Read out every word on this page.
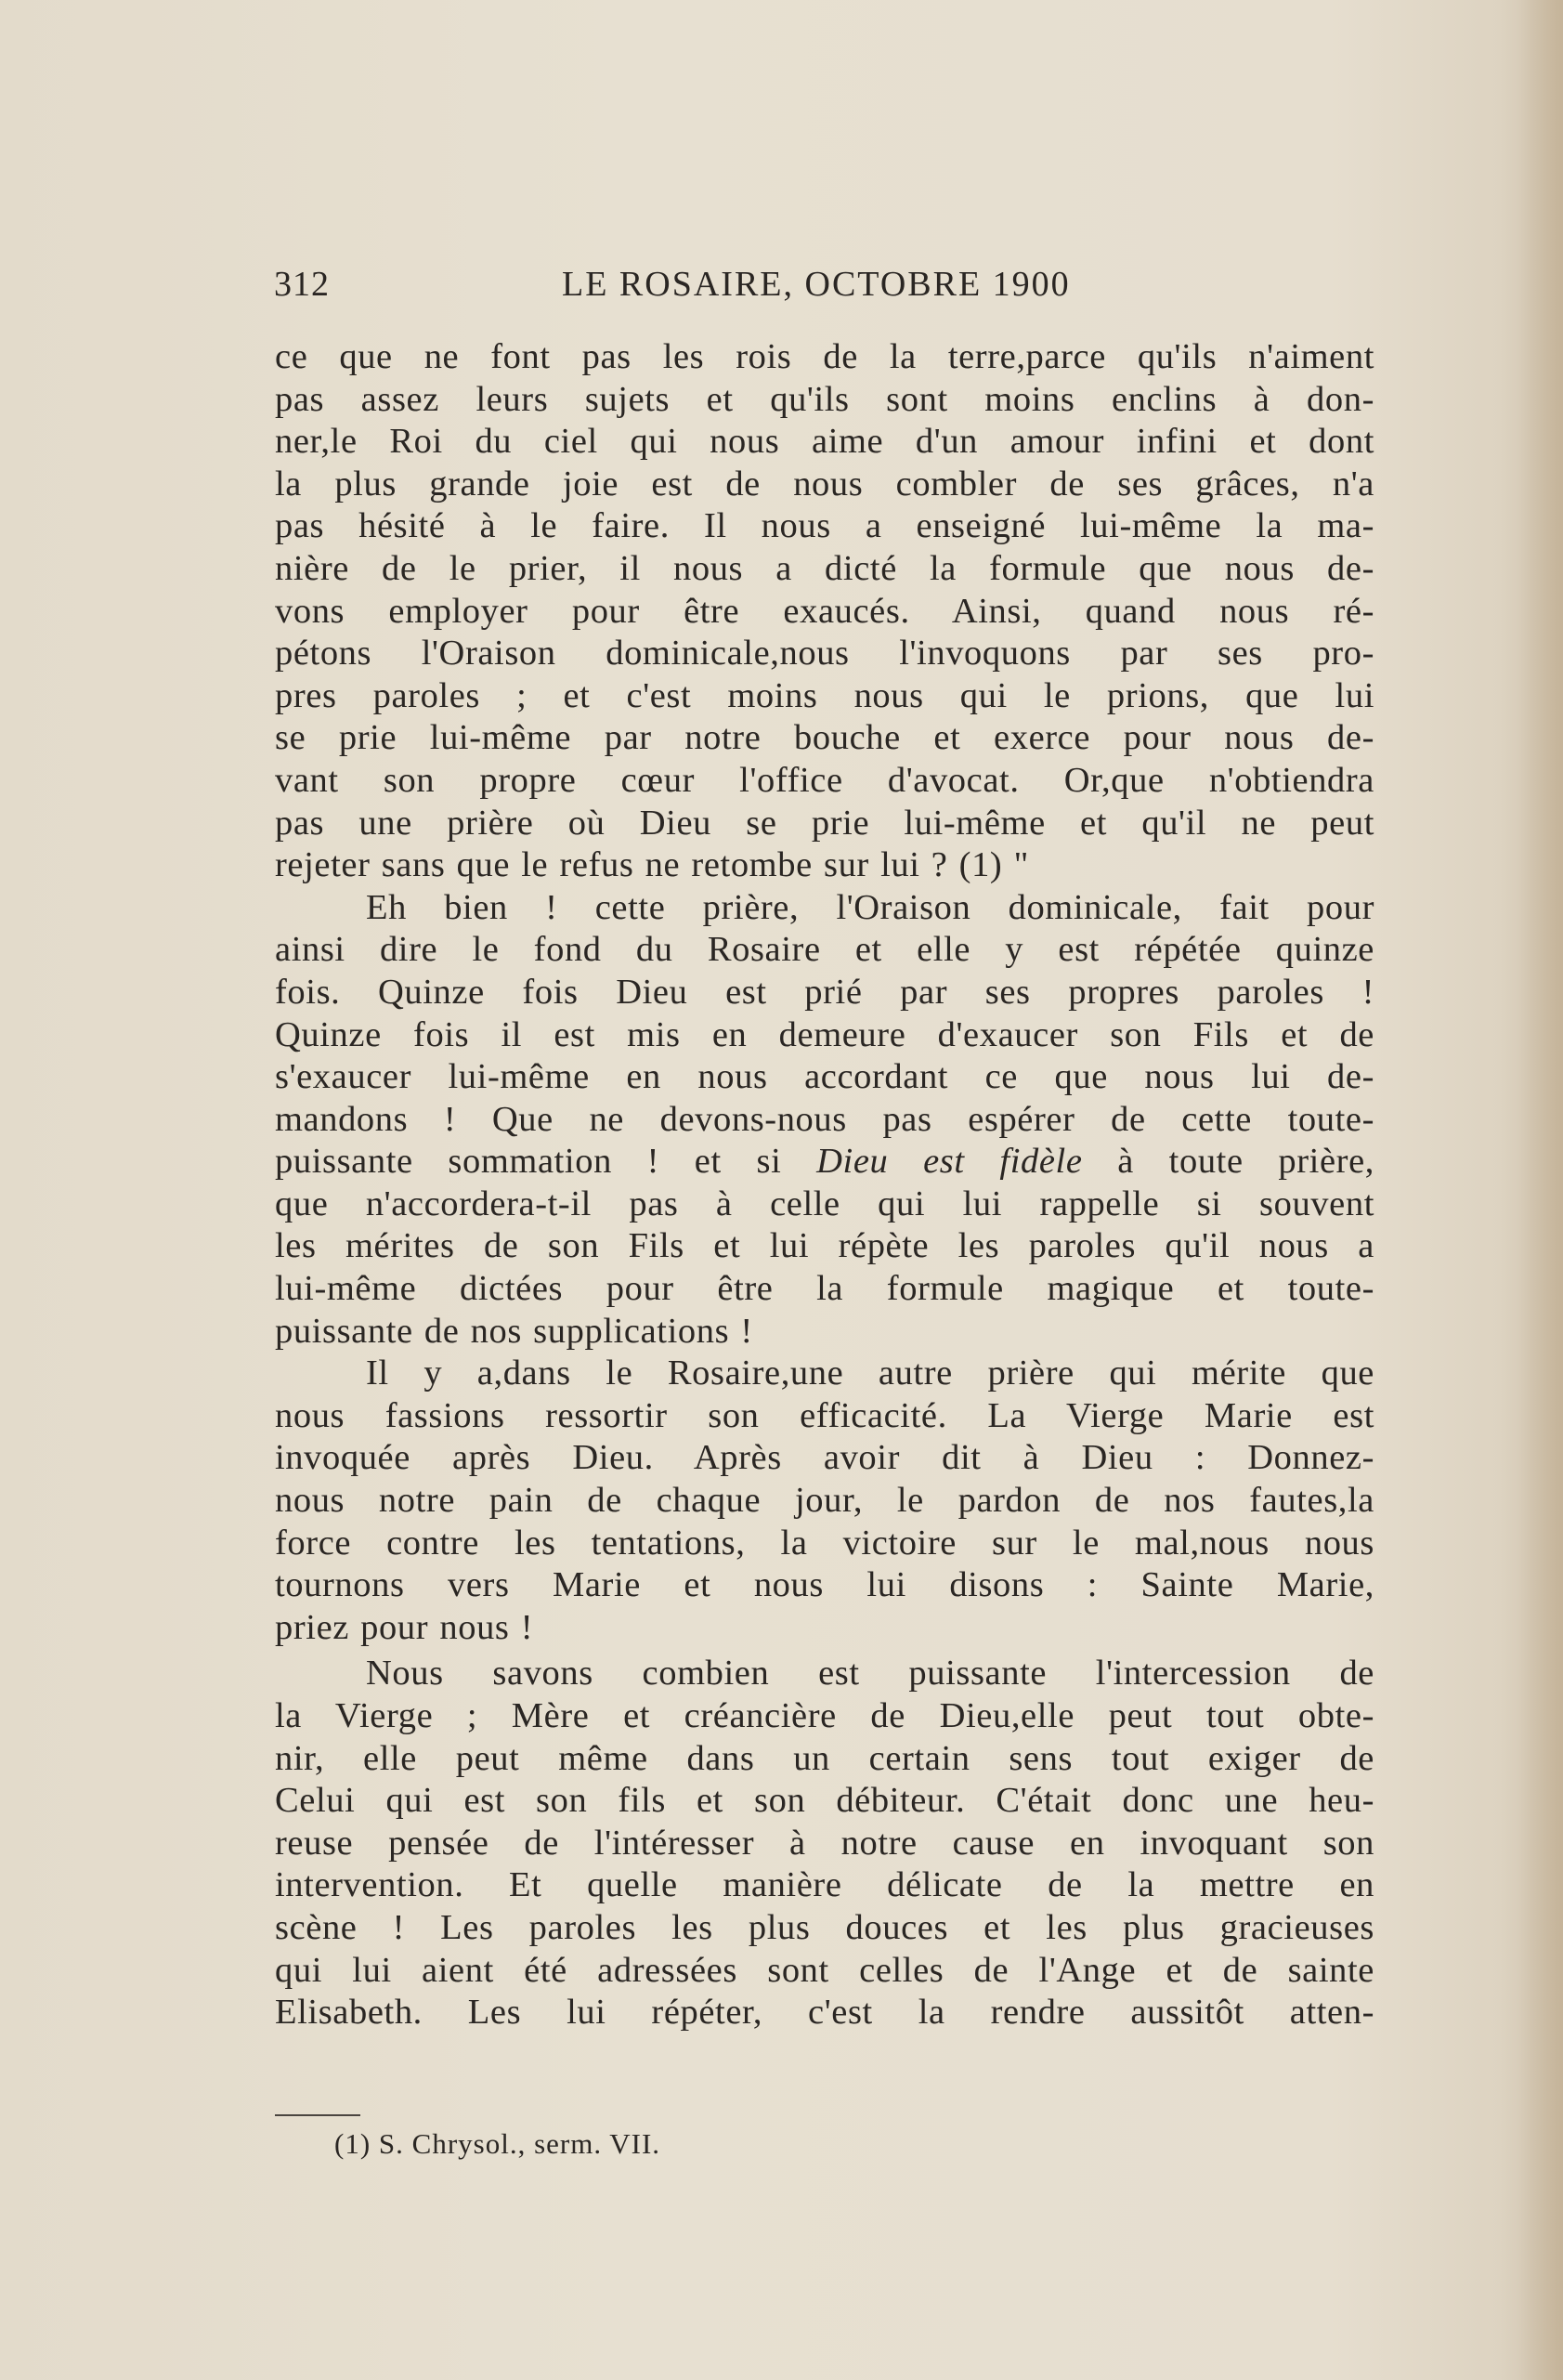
312	LE ROSAIRE, OCTOBRE 1900
ce que ne font pas les rois de la terre,parce qu'ils n'aiment
pas assez leurs sujets et qu'ils sont moins enclins à don-
ner,le Roi du ciel qui nous aime d'un amour infini et dont
la plus grande joie est de nous combler de ses grâces, n'a
pas hésité à le faire. Il nous a enseigné lui-même la ma-
nière de le prier, il nous a dicté la formule que nous de-
vons employer pour être exaucés. Ainsi, quand nous ré-
pétons l'Oraison dominicale,nous l'invoquons par ses pro-
pres paroles ; et c'est moins nous qui le prions, que lui
se prie lui-même par notre bouche et exerce pour nous de-
vant son propre cœur l'office d'avocat. Or,que n'obtiendra
pas une prière où Dieu se prie lui-même et qu'il ne peut
rejeter sans que le refus ne retombe sur lui ? (1) "
Eh bien ! cette prière, l'Oraison dominicale, fait pour
ainsi dire le fond du Rosaire et elle y est répétée quinze
fois. Quinze fois Dieu est prié par ses propres paroles !
Quinze fois il est mis en demeure d'exaucer son Fils et de
s'exaucer lui-même en nous accordant ce que nous lui de-
mandons ! Que ne devons-nous pas espérer de cette toute-
puissante sommation ! et si Dieu est fidèle à toute prière,
que n'accordera-t-il pas à celle qui lui rappelle si souvent
les mérites de son Fils et lui répète les paroles qu'il nous a
lui-même dictées pour être la formule magique et toute-
puissante de nos supplications !
Il y a,dans le Rosaire,une autre prière qui mérite que
nous fassions ressortir son efficacité. La Vierge Marie est
invoquée après Dieu. Après avoir dit à Dieu : Donnez-
nous notre pain de chaque jour, le pardon de nos fautes,la
force contre les tentations, la victoire sur le mal,nous nous
tournons vers Marie et nous lui disons : Sainte Marie,
priez pour nous !
Nous savons combien est puissante l'intercession de
la Vierge ; Mère et créancière de Dieu,elle peut tout obte-
nir, elle peut même dans un certain sens tout exiger de
Celui qui est son fils et son débiteur. C'était donc une heu-
reuse pensée de l'intéresser à notre cause en invoquant son
intervention. Et quelle manière délicate de la mettre en
scène ! Les paroles les plus douces et les plus gracieuses
qui lui aient été adressées sont celles de l'Ange et de sainte
Elisabeth. Les lui répéter, c'est la rendre aussitôt atten-
(1) S. Chrysol., serm. VII.
